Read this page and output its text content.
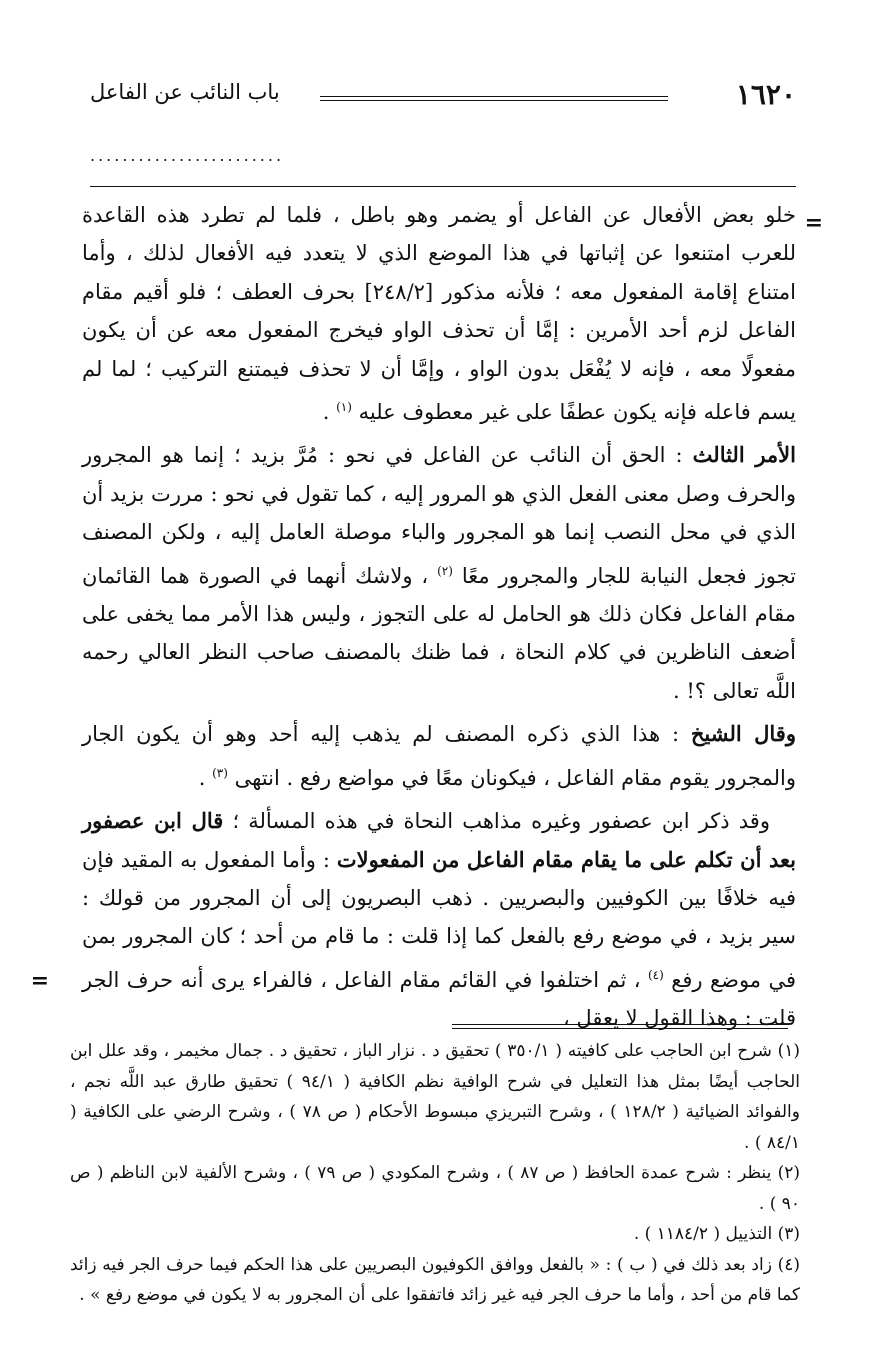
١٦٢٠
باب النائب عن الفاعل
........................
=

خلو بعض الأفعال عن الفاعل أو يضمر وهو باطل ، فلما لم تطرد هذه القاعدة للعرب امتنعوا عن إثباتها في هذا الموضع الذي لا يتعدد فيه الأفعال لذلك ، وأما امتناع إقامة المفعول معه ؛ فلأنه مذكور [٢٤٨/٢] بحرف العطف ؛ فلو أقيم مقام الفاعل لزم أحد الأمرين : إمَّا أن تحذف الواو فيخرج المفعول معه عن أن يكون مفعولًا معه ، فإنه لا يُفْعَل بدون الواو ، وإمَّا أن لا تحذف فيمتنع التركيب ؛ لما لم يسم فاعله فإنه يكون عطفًا على غير معطوف عليه $^{(١)}$ .

الأمر الثالث : الحق أن النائب عن الفاعل في نحو : مُرَّ بزيد ؛ إنما هو المجرور والحرف وصل معنى الفعل الذي هو المرور إليه ، كما تقول في نحو : مررت بزيد أن الذي في محل النصب إنما هو المجرور والباء موصلة العامل إليه ، ولكن المصنف تجوز فجعل النيابة للجار والمجرور معًا $^{(٢)}$ ، ولاشك أنهما في الصورة هما القائمان مقام الفاعل فكان ذلك هو الحامل له على التجوز ، وليس هذا الأمر مما يخفى على أضعف الناظرين في كلام النحاة ، فما ظنك بالمصنف صاحب النظر العالي رحمه اللَّه تعالى ؟! .

وقال الشيخ : هذا الذي ذكره المصنف لم يذهب إليه أحد وهو أن يكون الجار والمجرور يقوم مقام الفاعل ، فيكونان معًا في مواضع رفع . انتهى $^{(٣)}$ .

وقد ذكر ابن عصفور وغيره مذاهب النحاة في هذه المسألة ؛ قال ابن عصفور بعد أن تكلم على ما يقام مقام الفاعل من المفعولات : وأما المفعول به المقيد فإن فيه خلافًا بين الكوفيين والبصريين . ذهب البصريون إلى أن المجرور من قولك : سير بزيد ، في موضع رفع بالفعل كما إذا قلت : ما قام من أحد ؛ كان المجرور بمن في موضع رفع $^{(٤)}$ ، ثم اختلفوا في القائم مقام الفاعل ، فالفراء يرى أنه حرف الجر قلت : وهذا القول لا يعقل ،

=

(١) شرح ابن الحاجب على كافيته ( ٣٥٠/١ ) تحقيق د . نزار الباز ، تحقيق د . جمال مخيمر ، وقد علل ابن الحاجب أيضًا بمثل هذا التعليل في شرح الوافية نظم الكافية ( ٩٤/١ ) تحقيق طارق عبد اللَّه نجم ، والفوائد الضيائية ( ١٢٨/٢ ) ، وشرح التبريزي مبسوط الأحكام ( ص ٧٨ ) ، وشرح الرضي على الكافية ( ٨٤/١ ) .

(٢) ينظر : شرح عمدة الحافظ ( ص ٨٧ ) ، وشرح المكودي ( ص ٧٩ ) ، وشرح الألفية لابن الناظم ( ص ٩٠ ) .

(٣) التذييل ( ١١٨٤/٢ ) .

(٤) زاد بعد ذلك في ( ب ) : « بالفعل ووافق الكوفيون البصريين على هذا الحكم فيما حرف الجر فيه زائد كما قام من أحد ، وأما ما حرف الجر فيه غير زائد فاتفقوا على أن المجرور به لا يكون في موضع رفع » .
